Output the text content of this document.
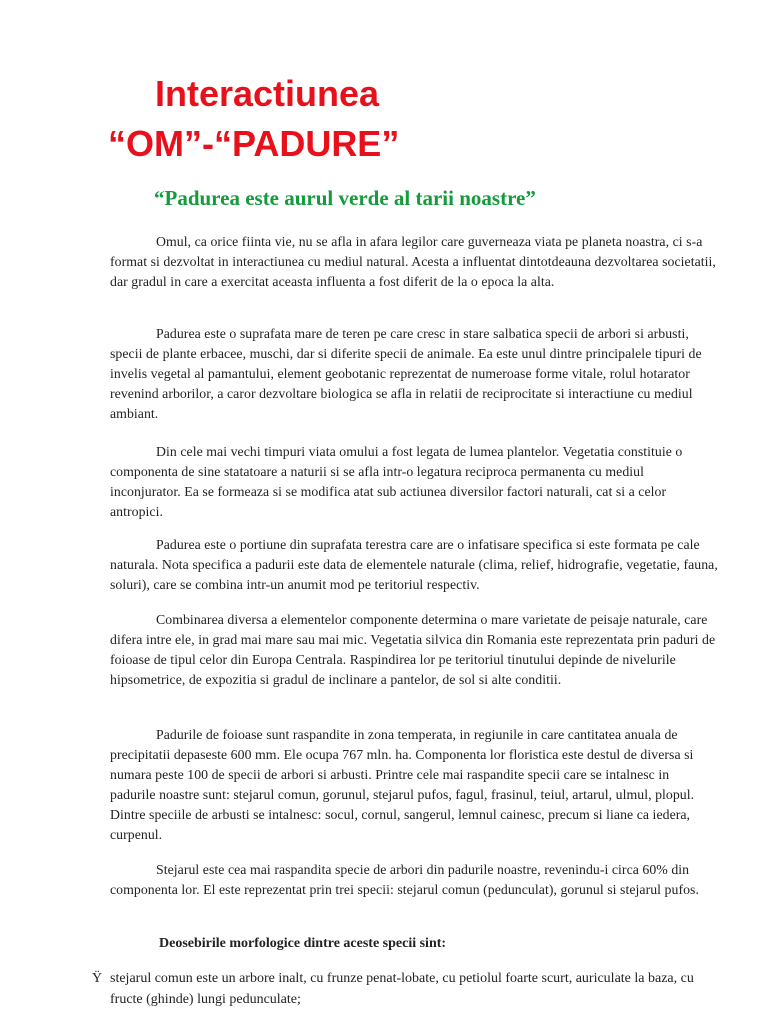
Interactiunea
“OM”-“PADURE”
“Padurea este aurul verde al tarii noastre”

Omul, ca orice fiinta vie, nu se afla in afara legilor care guverneaza viata pe planeta noastra, ci s-a format si dezvoltat in interactiunea cu mediul natural. Acesta a influentat dintotdeauna dezvoltarea societatii, dar gradul in care a exercitat aceasta influenta a fost diferit de la o epoca la alta.

Padurea este o suprafata mare de teren pe care cresc in stare salbatica specii de arbori si arbusti, specii de plante erbacee, muschi, dar si diferite specii de animale. Ea este unul dintre principalele tipuri de invelis vegetal al pamantului, element geobotanic reprezentat de numeroase forme vitale, rolul hotarator revenind arborilor, a caror dezvoltare biologica se afla in relatii de reciprocitate si interactiune cu mediul ambiant.

Din cele mai vechi timpuri viata omului a fost legata de lumea plantelor. Vegetatia constituie o componenta de sine statatoare a naturii si se afla intr-o legatura reciproca permanenta cu mediul inconjurator. Ea se formeaza si se modifica atat sub actiunea diversilor factori naturali, cat si a celor antropici.

Padurea este o portiune din suprafata terestra care are o infatisare specifica si este formata pe cale naturala. Nota specifica a padurii este data de elementele naturale (clima, relief, hidrografie, vegetatie, fauna, soluri), care se combina intr-un anumit mod pe teritoriul respectiv.

Combinarea diversa a elementelor componente determina o mare varietate de peisaje naturale, care difera intre ele, in grad mai mare sau mai mic. Vegetatia silvica din Romania este reprezentata prin paduri de foioase de tipul celor din Europa Centrala. Raspindirea lor pe teritoriul tinutului depinde de nivelurile hipsometrice, de expozitia si gradul de inclinare a pantelor, de sol si alte conditii.

Padurile de foioase sunt raspandite in zona temperata, in regiunile in care cantitatea anuala de precipitatii depaseste 600 mm. Ele ocupa 767 mln. ha. Componenta lor floristica este destul de diversa si numara peste 100 de specii de arbori si arbusti. Printre cele mai raspandite specii care se intalnesc in padurile noastre sunt: stejarul comun, gorunul, stejarul pufos, fagul, frasinul, teiul, artarul, ulmul, plopul. Dintre speciile de arbusti se intalnesc: socul, cornul, sangerul, lemnul cainesc, precum si liane ca iedera, curpenul.

Stejarul este cea mai raspandita specie de arbori din padurile noastre, revenindu-i circa 60% din componenta lor. El este reprezentat prin trei specii: stejarul comun (pedunculat), gorunul si stejarul pufos.

Deosebirile morfologice dintre aceste specii sint:

Ÿ stejarul comun este un arbore inalt, cu frunze penat-lobate, cu petiolul foarte scurt, auriculate la baza, cu fructe (ghinde) lungi pedunculate;
